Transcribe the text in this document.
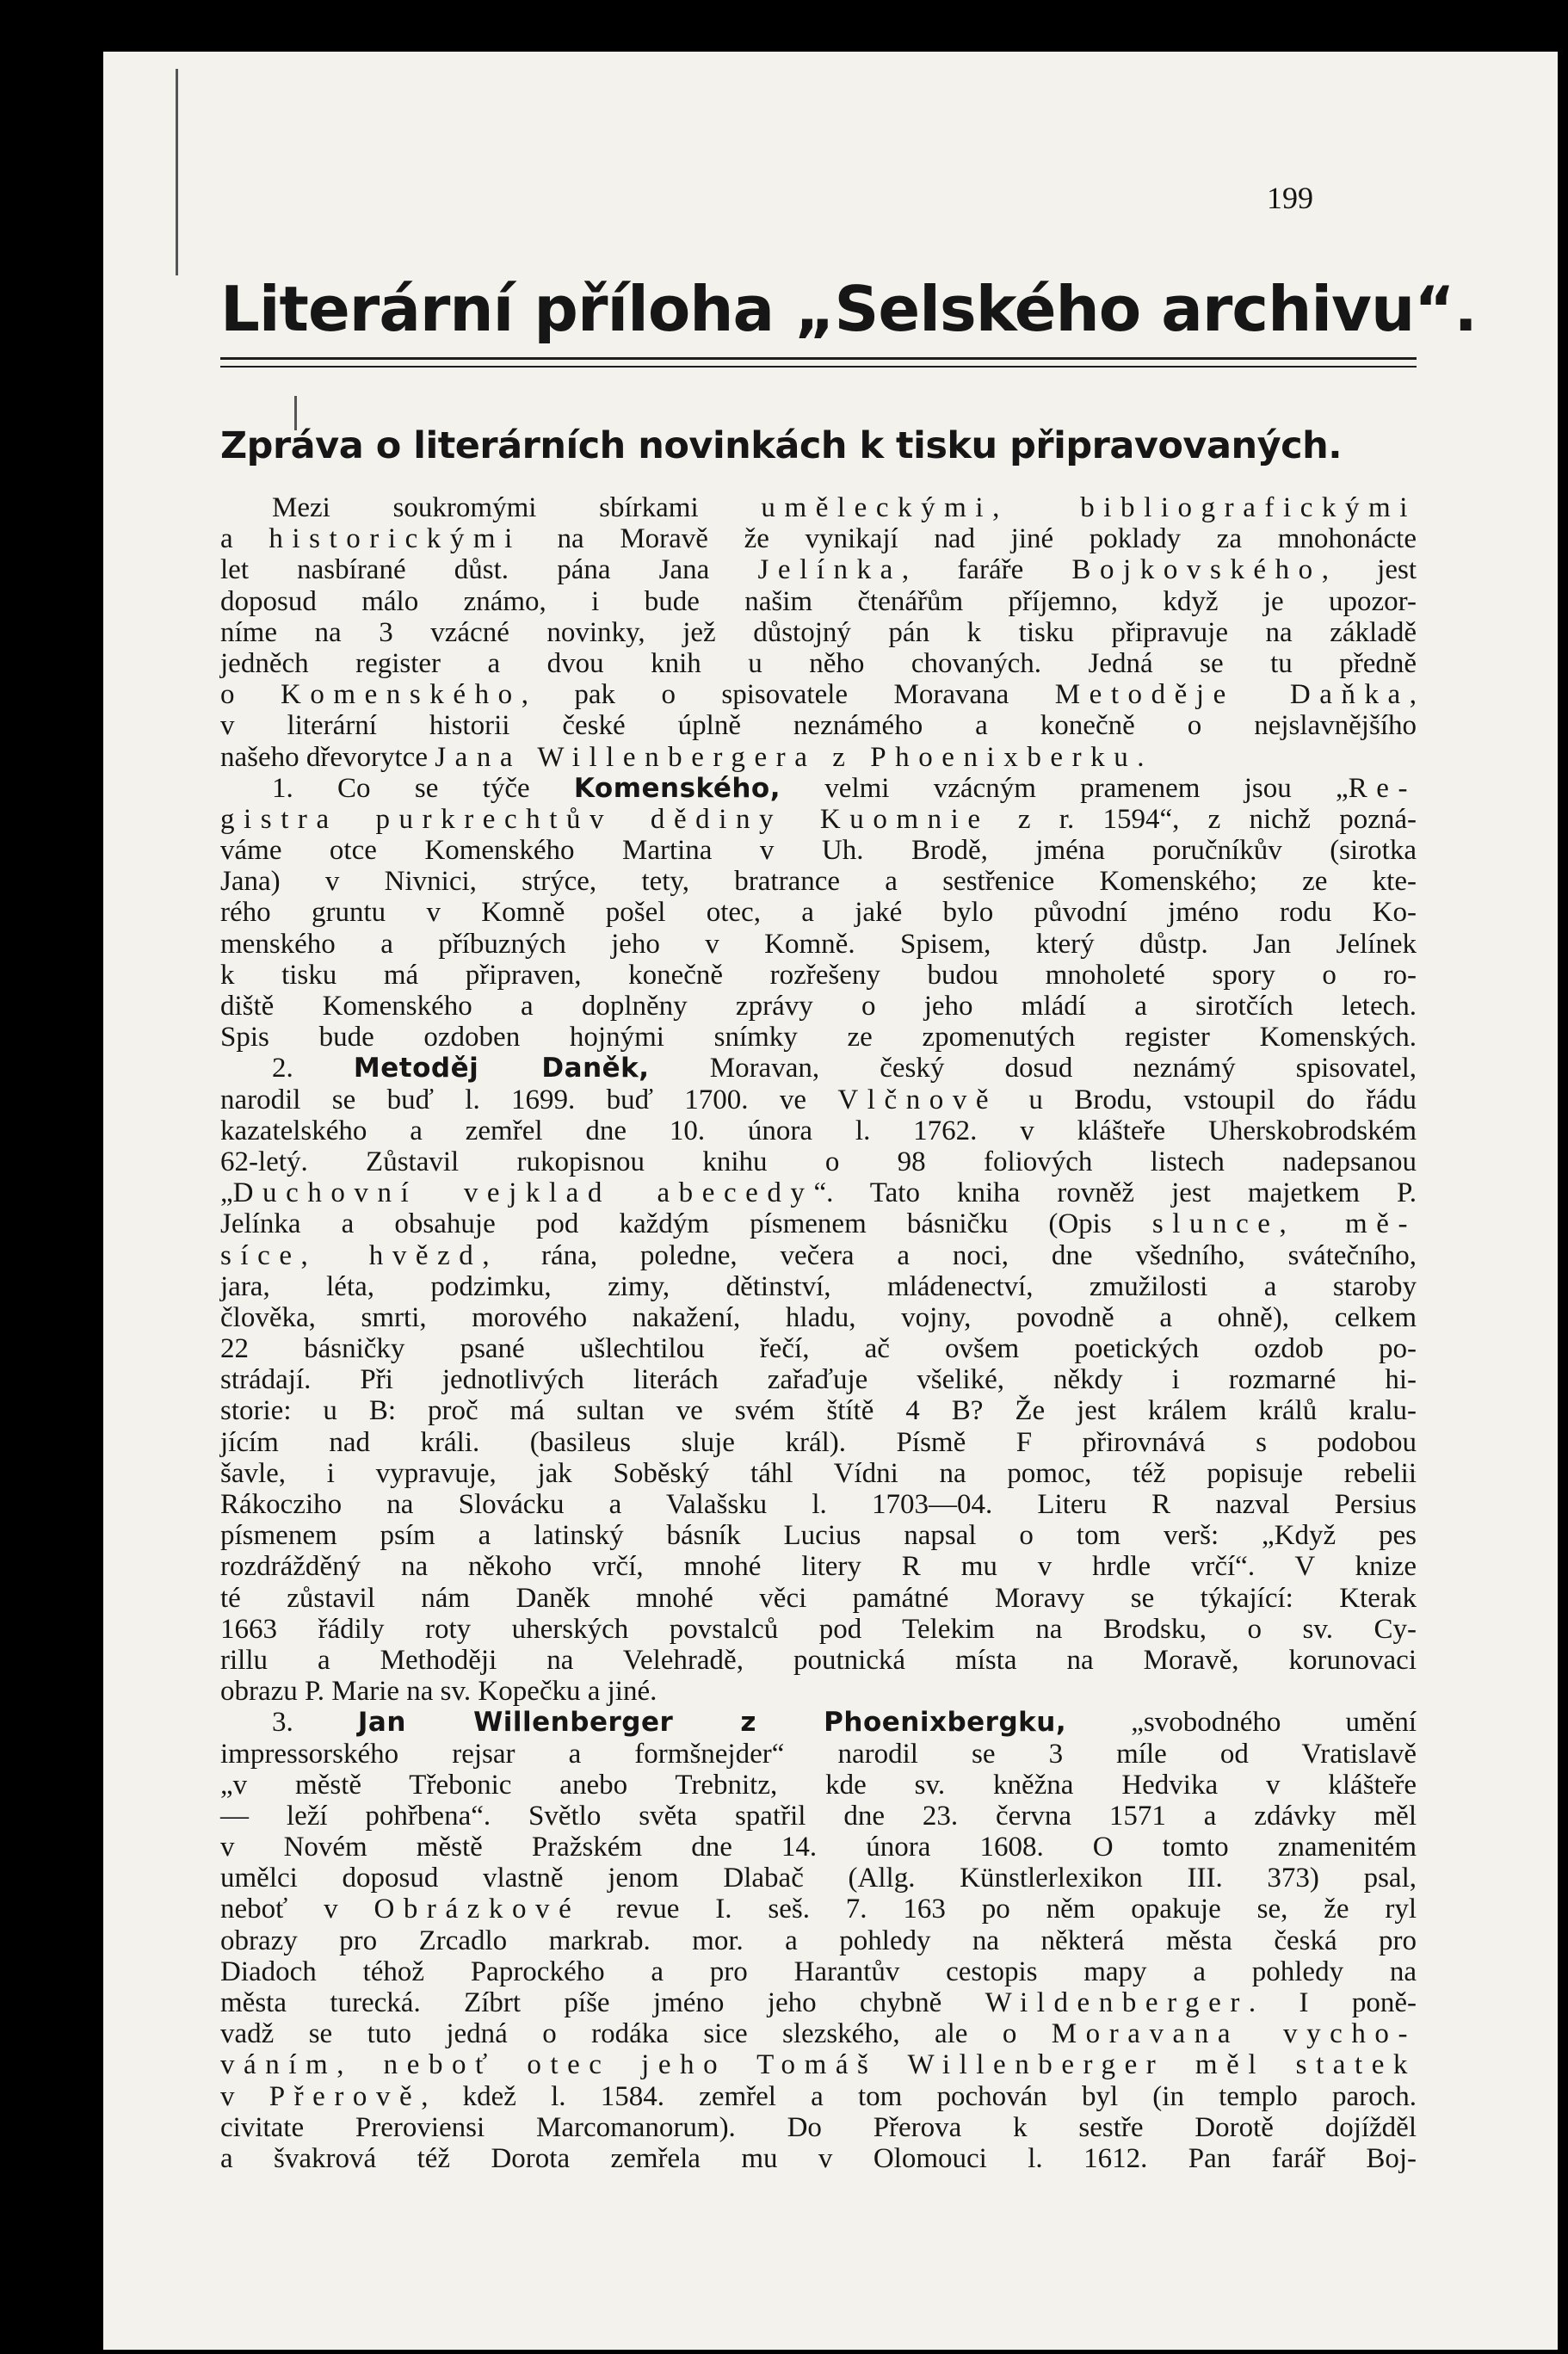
199
Literární příloha „Selského archivu“.
Zpráva o literárních novinkách k tisku připravovaných.
Mezi soukromými sbírkami uměleckými, bibliografickými
a historickými na Moravě že vynikají nad jiné poklady za mnohonácte
let nasbírané důst. pána Jana Jelínka, faráře Bojkovského, jest
doposud málo známo, i bude našim čtenářům příjemno, když je upozor-
níme na 3 vzácné novinky, jež důstojný pán k tisku připravuje na základě
jedněch register a dvou knih u něho chovaných. Jedná se tu předně
o Komenského, pak o spisovatele Moravana Metoděje Daňka,
v literární historii české úplně neznámého a konečně o nejslavnějšího
našeho dřevorytce Jana Willenbergera z Phoenixberku.
1. Co se týče Komenského, velmi vzácným pramenem jsou „Re-
gistra purkrechtův dědiny Kuomnie z r. 1594“, z nichž pozná-
váme otce Komenského Martina v Uh. Brodě, jména poručníkův (sirotka
Jana) v Nivnici, strýce, tety, bratrance a sestřenice Komenského; ze kte-
rého gruntu v Komně pošel otec, a jaké bylo původní jméno rodu Ko-
menského a příbuzných jeho v Komně. Spisem, který důstp. Jan Jelínek
k tisku má připraven, konečně rozřešeny budou mnoholeté spory o ro-
diště Komenského a doplněny zprávy o jeho mládí a sirotčích letech.
Spis bude ozdoben hojnými snímky ze zpomenutých register Komenských.
2. Metoděj Daněk, Moravan, český dosud neznámý spisovatel,
narodil se buď l. 1699. buď 1700. ve Vlčnově u Brodu, vstoupil do řádu
kazatelského a zemřel dne 10. února l. 1762. v klášteře Uherskobrodském
62-letý. Zůstavil rukopisnou knihu o 98 foliových listech nadepsanou
„Duchovní vejklad abecedy“. Tato kniha rovněž jest majetkem P.
Jelínka a obsahuje pod každým písmenem básničku (Opis slunce, mě-
síce, hvězd, rána, poledne, večera a noci, dne všedního, svátečního,
jara, léta, podzimku, zimy, dětinství, mládenectví, zmužilosti a staroby
člověka, smrti, morového nakažení, hladu, vojny, povodně a ohně), celkem
22 básničky psané ušlechtilou řečí, ač ovšem poetických ozdob po-
strádají. Při jednotlivých literách zařaďuje všeliké, někdy i rozmarné hi-
storie: u B: proč má sultan ve svém štítě 4 B? Že jest králem králů kralu-
jícím nad králi. (basileus sluje král). Písmě F přirovnává s podobou
šavle, i vypravuje, jak Soběský táhl Vídni na pomoc, též popisuje rebelii
Rákocziho na Slovácku a Valašsku l. 1703—04. Literu R nazval Persius
písmenem psím a latinský básník Lucius napsal o tom verš: „Když pes
rozdrážděný na někoho vrčí, mnohé litery R mu v hrdle vrčí“. V knize
té zůstavil nám Daněk mnohé věci památné Moravy se týkající: Kterak
1663 řádily roty uherských povstalců pod Telekim na Brodsku, o sv. Cy-
rillu a Methoději na Velehradě, poutnická místa na Moravě, korunovaci
obrazu P. Marie na sv. Kopečku a jiné.
3. Jan Willenberger z Phoenixbergku, „svobodného umění
impressorského rejsar a formšnejder“ narodil se 3 míle od Vratislavě
„v městě Třebonic anebo Trebnitz, kde sv. kněžna Hedvika v klášteře
— leží pohřbena“. Světlo světa spatřil dne 23. června 1571 a zdávky měl
v Novém městě Pražském dne 14. února 1608. O tomto znamenitém
umělci doposud vlastně jenom Dlabač (Allg. Künstlerlexikon III. 373) psal,
neboť v Obrázkové revue I. seš. 7. 163 po něm opakuje se, že ryl
obrazy pro Zrcadlo markrab. mor. a pohledy na některá města česká pro
Diadoch téhož Paprockého a pro Harantův cestopis mapy a pohledy na
města turecká. Zíbrt píše jméno jeho chybně Wildenberger. I poně-
vadž se tuto jedná o rodáka sice slezského, ale o Moravana vycho-
váním, neboť otec jeho Tomáš Willenberger měl statek
v Přerově, kdež l. 1584. zemřel a tom pochován byl (in templo paroch.
civitate Preroviensi Marcomanorum). Do Přerova k sestře Dorotě dojížděl
a švakrová též Dorota zemřela mu v Olomouci l. 1612. Pan farář Boj-
